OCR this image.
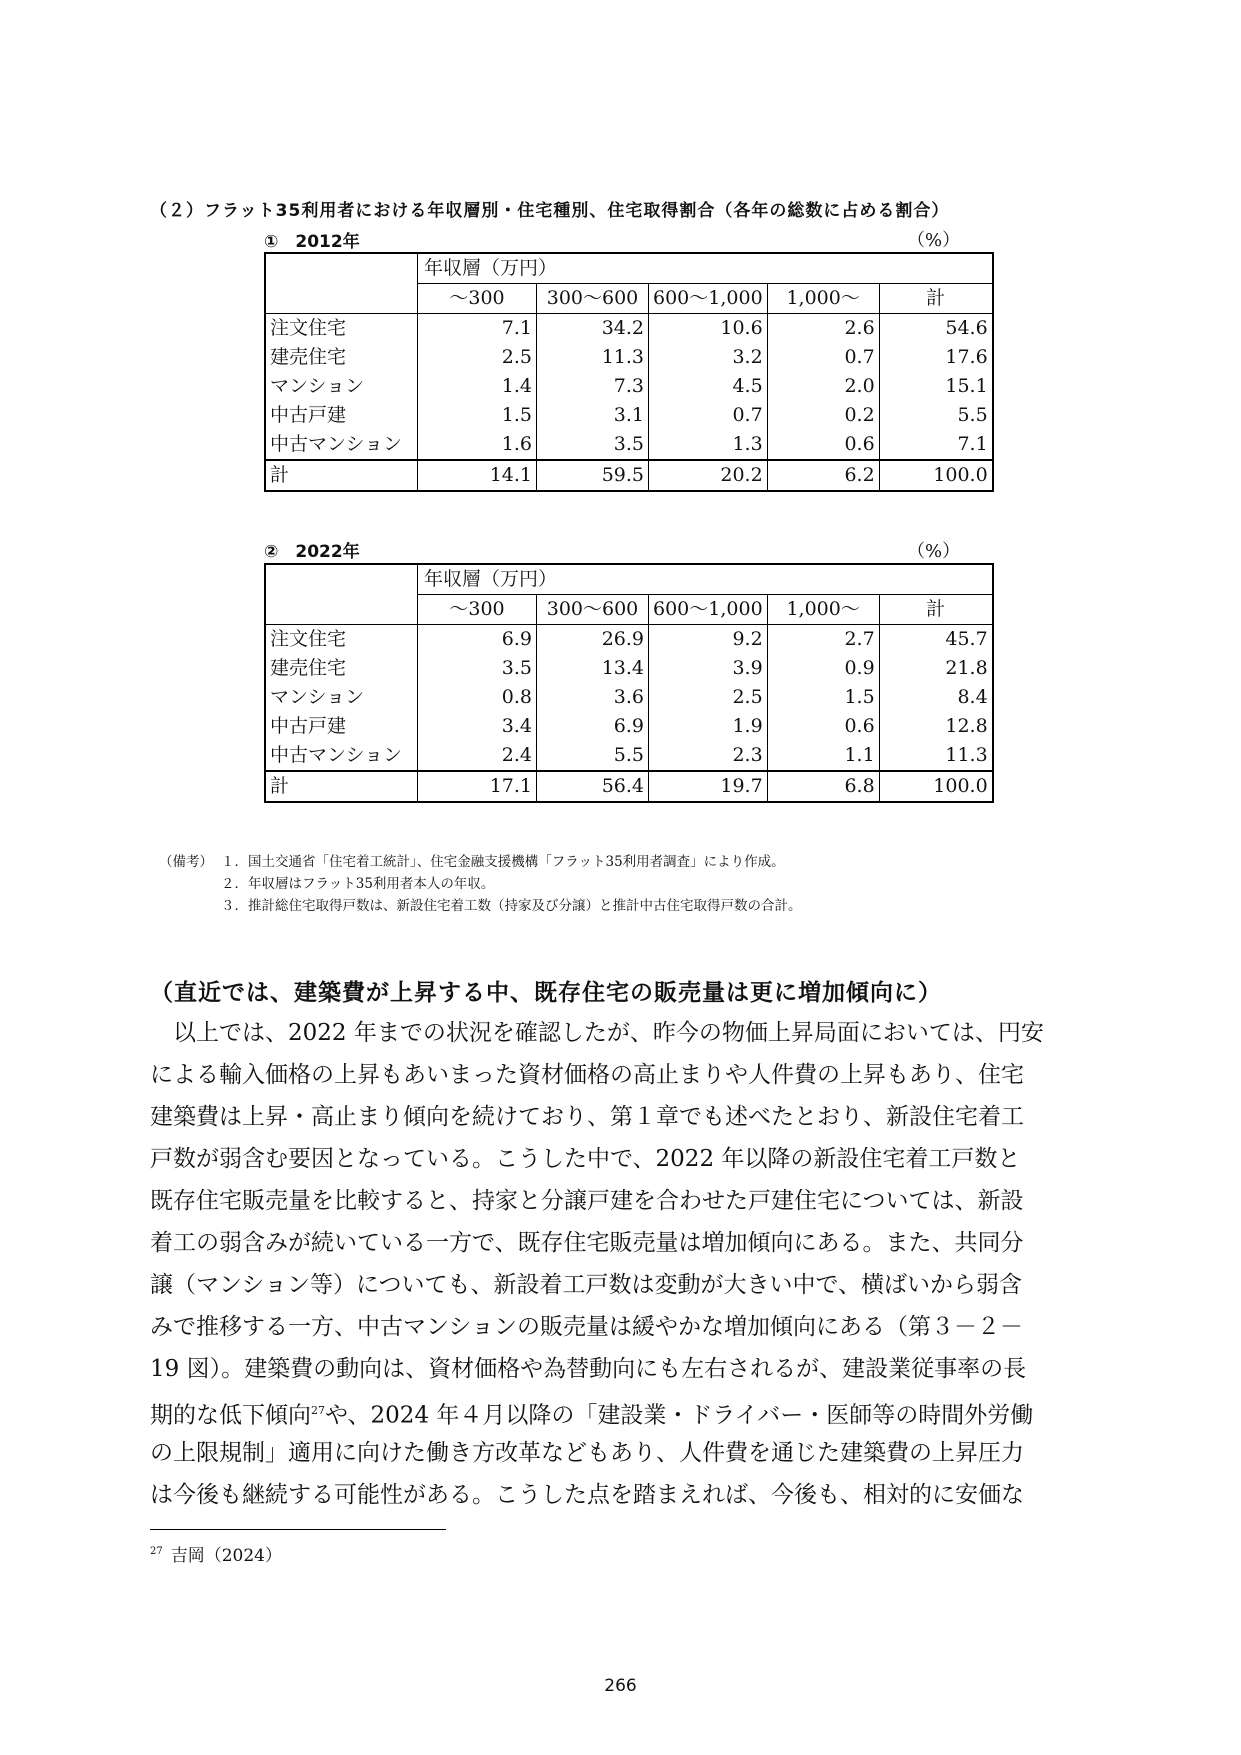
（２）フラット35利用者における年収層別・住宅種別、住宅取得割合（各年の総数に占める割合）
①　2012年	（%）
	年収層（万円）				
	～300	300～600	600～1,000	1,000～	計
注文住宅	7.1	34.2	10.6	2.6	54.6
建売住宅	2.5	11.3	3.2	0.7	17.6
マンション	1.4	7.3	4.5	2.0	15.1
中古戸建	1.5	3.1	0.7	0.2	5.5
中古マンション	1.6	3.5	1.3	0.6	7.1
計	14.1	59.5	20.2	6.2	100.0
②　2022年	（%）
	年収層（万円）				
	～300	300～600	600～1,000	1,000～	計
注文住宅	6.9	26.9	9.2	2.7	45.7
建売住宅	3.5	13.4	3.9	0.9	21.8
マンション	0.8	3.6	2.5	1.5	8.4
中古戸建	3.4	6.9	1.9	0.6	12.8
中古マンション	2.4	5.5	2.3	1.1	11.3
計	17.1	56.4	19.7	6.8	100.0
（備考） １．国土交通省「住宅着工統計」、住宅金融支援機構「フラット35利用者調査」により作成。
２．年収層はフラット35利用者本人の年収。
３．推計総住宅取得戸数は、新設住宅着工数（持家及び分譲）と推計中古住宅取得戸数の合計。
（直近では、建築費が上昇する中、既存住宅の販売量は更に増加傾向に）
以上では、2022 年までの状況を確認したが、昨今の物価上昇局面においては、円安
による輸入価格の上昇もあいまった資材価格の高止まりや人件費の上昇もあり、住宅
建築費は上昇・高止まり傾向を続けており、第１章でも述べたとおり、新設住宅着工
戸数が弱含む要因となっている。こうした中で、2022 年以降の新設住宅着工戸数と
既存住宅販売量を比較すると、持家と分譲戸建を合わせた戸建住宅については、新設
着工の弱含みが続いている一方で、既存住宅販売量は増加傾向にある。また、共同分
譲（マンション等）についても、新設着工戸数は変動が大きい中で、横ばいから弱含
みで推移する一方、中古マンションの販売量は緩やかな増加傾向にある（第３－２－
19 図）。建築費の動向は、資材価格や為替動向にも左右されるが、建設業従事率の長
期的な低下傾向$^{27}$や、2024 年４月以降の「建設業・ドライバー・医師等の時間外労働
の上限規制」適用に向けた働き方改革などもあり、人件費を通じた建築費の上昇圧力
は今後も継続する可能性がある。こうした点を踏まえれば、今後も、相対的に安価な
$^{27}$ 吉岡（2024）
266
